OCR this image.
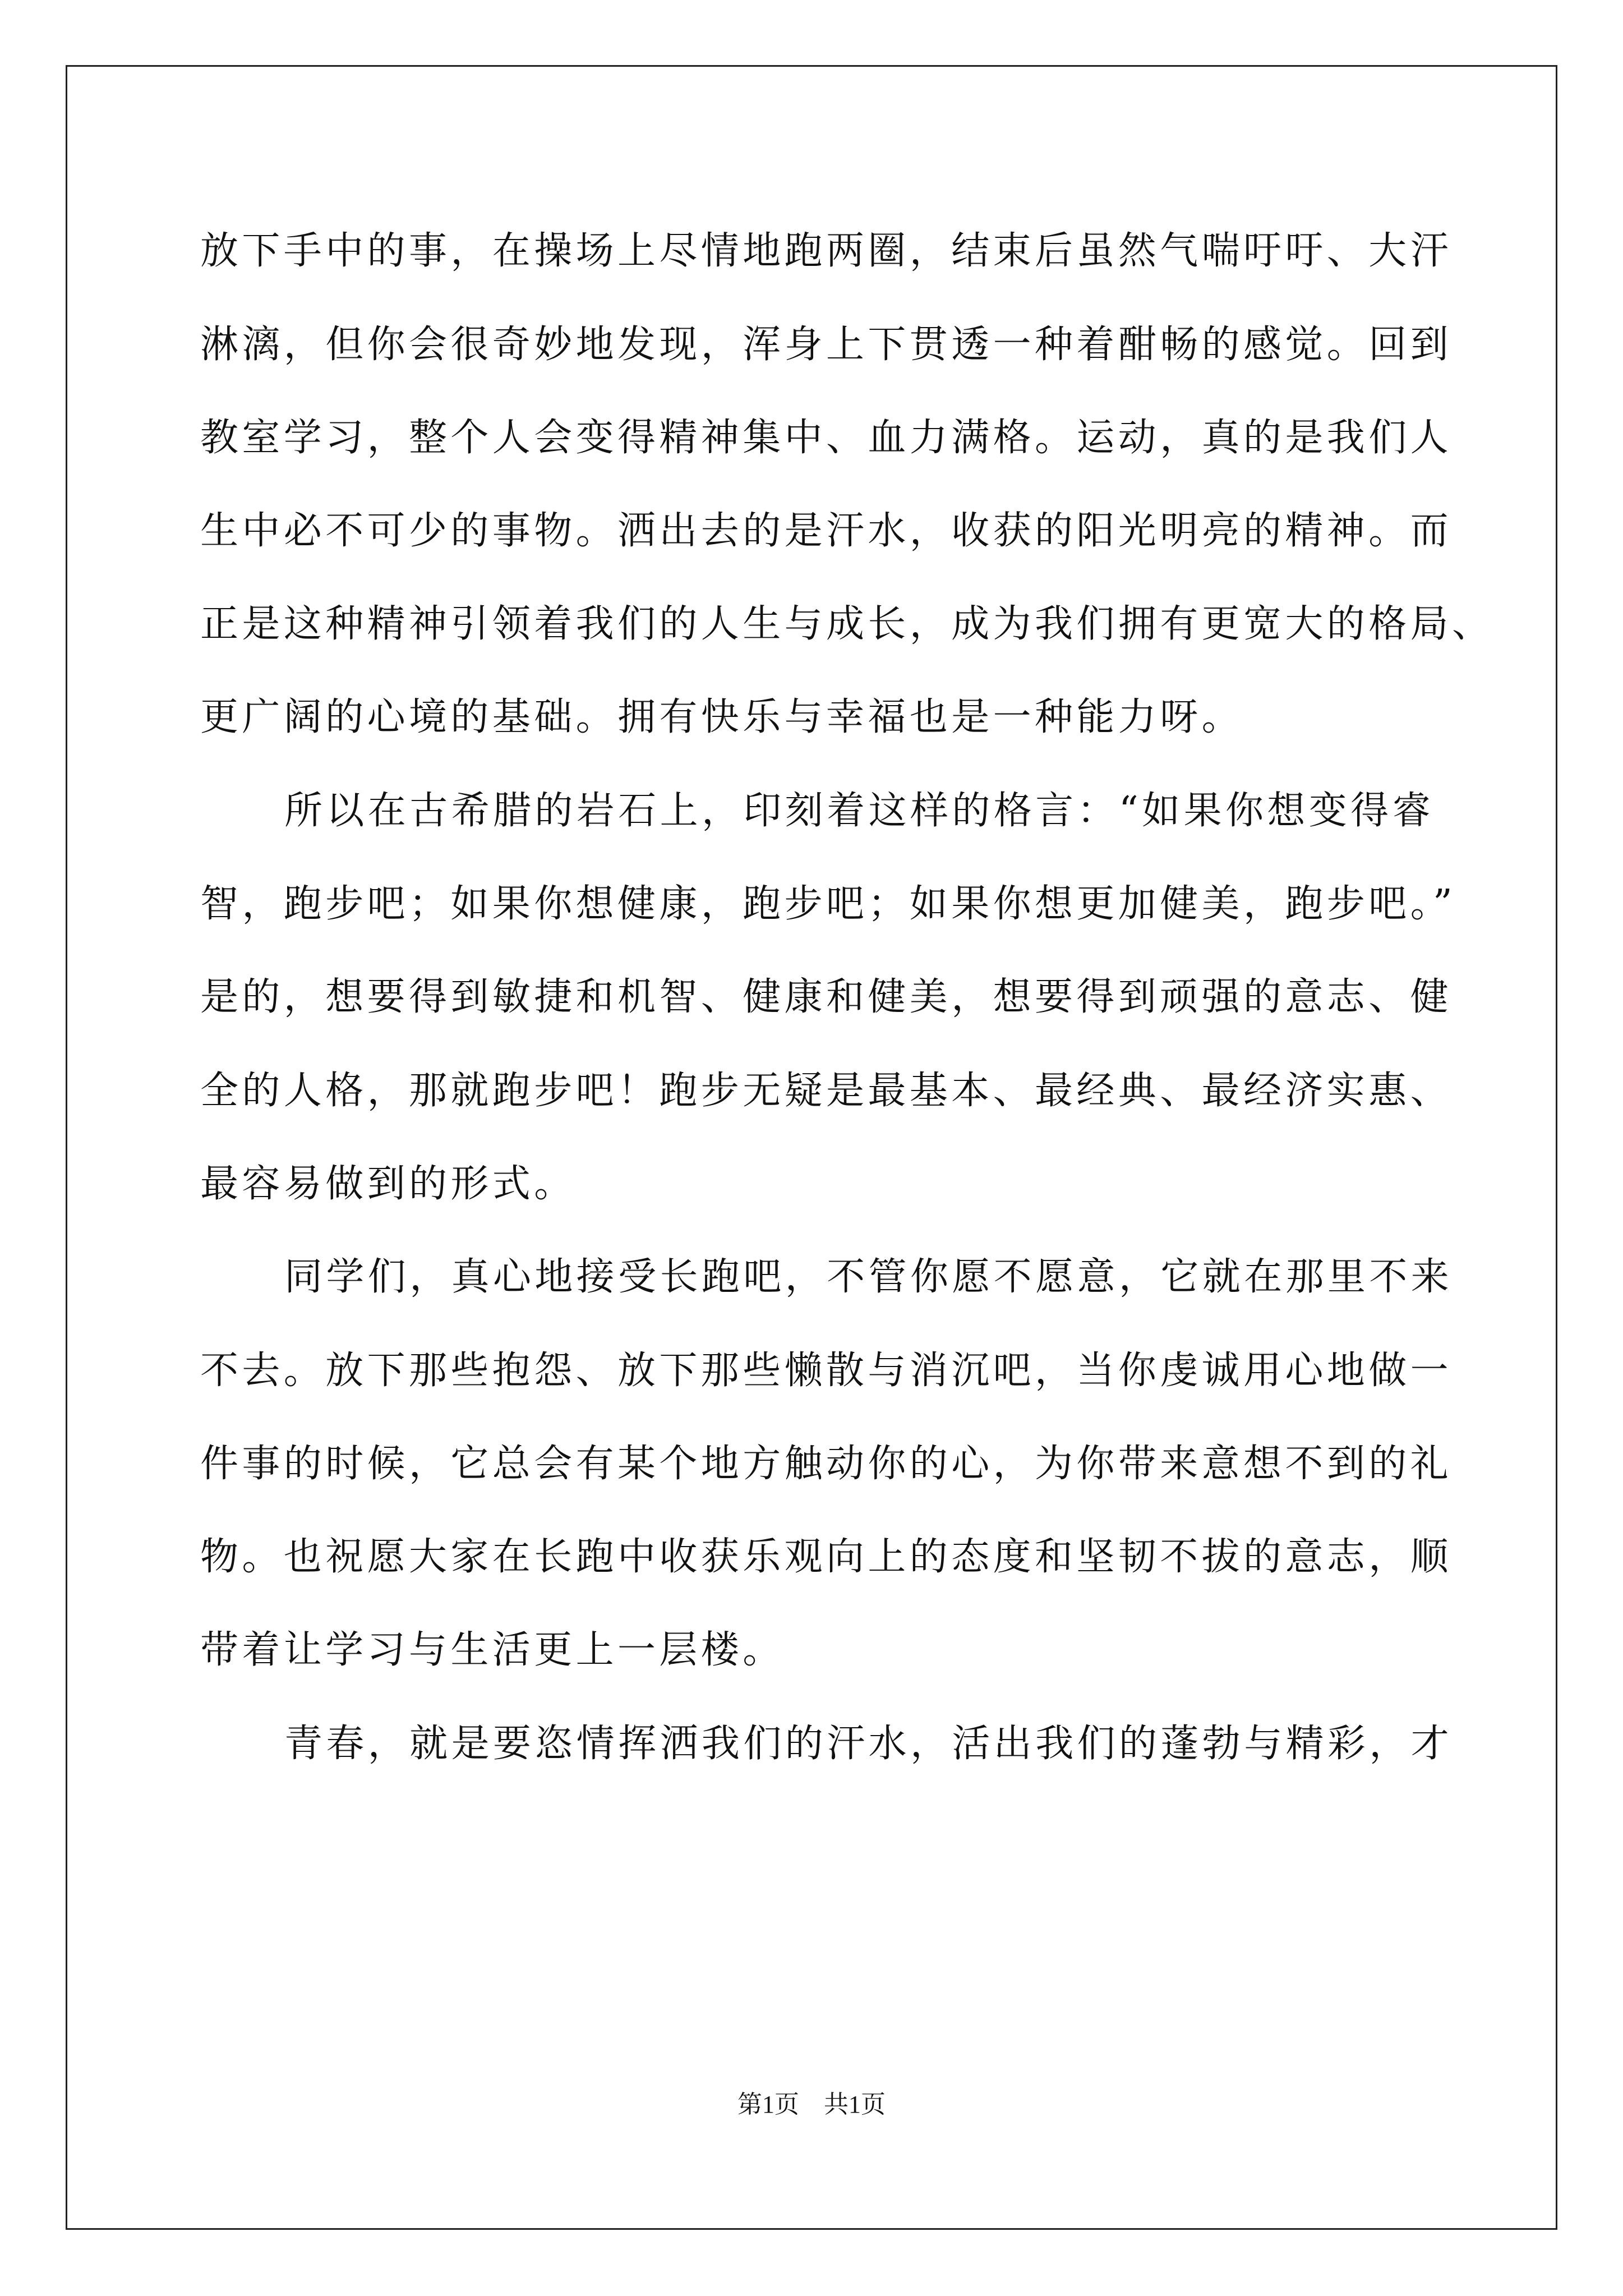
放下手中的事，在操场上尽情地跑两圈，结束后虽然气喘吁吁、大汗
淋漓，但你会很奇妙地发现，浑身上下贯透一种着酣畅的感觉。回到
教室学习，整个人会变得精神集中、血力满格。运动，真的是我们人
生中必不可少的事物。洒出去的是汗水，收获的阳光明亮的精神。而
正是这种精神引领着我们的人生与成长，成为我们拥有更宽大的格局、
更广阔的心境的基础。拥有快乐与幸福也是一种能力呀。
所以在古希腊的岩石上，印刻着这样的格言：“如果你想变得睿
智，跑步吧；如果你想健康，跑步吧；如果你想更加健美，跑步吧。”
是的，想要得到敏捷和机智、健康和健美，想要得到顽强的意志、健
全的人格，那就跑步吧！跑步无疑是最基本、最经典、最经济实惠、
最容易做到的形式。
同学们，真心地接受长跑吧，不管你愿不愿意，它就在那里不来
不去。放下那些抱怨、放下那些懒散与消沉吧，当你虔诚用心地做一
件事的时候，它总会有某个地方触动你的心，为你带来意想不到的礼
物。也祝愿大家在长跑中收获乐观向上的态度和坚韧不拔的意志，顺
带着让学习与生活更上一层楼。
青春，就是要恣情挥洒我们的汗水，活出我们的蓬勃与精彩，才
第1页　共1页
